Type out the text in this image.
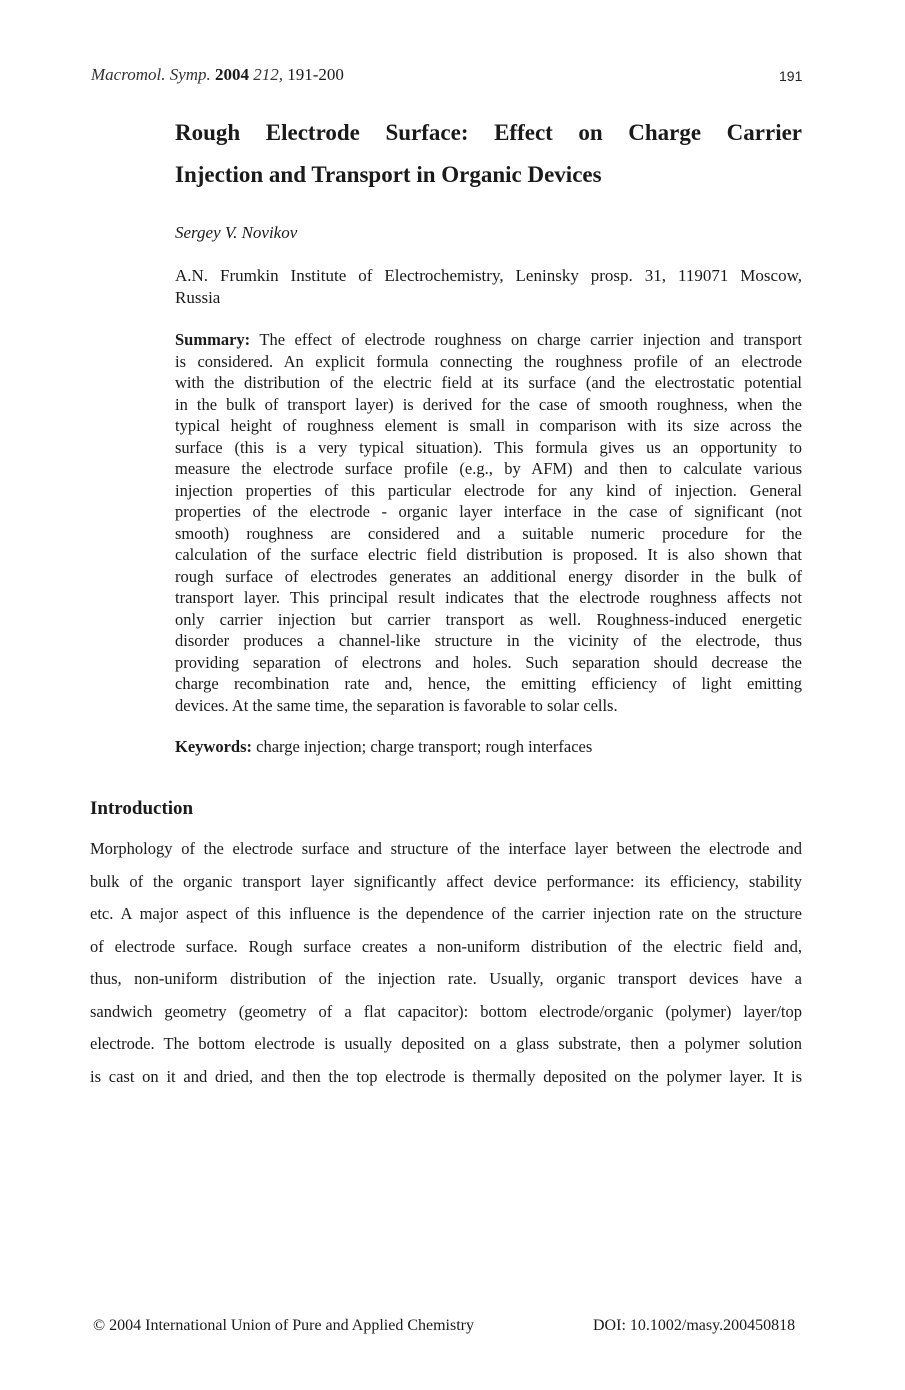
Macromol. Symp. 2004 212, 191-200	191
Rough Electrode Surface: Effect on Charge Carrier
Injection and Transport in Organic Devices
Sergey V. Novikov
A.N. Frumkin Institute of Electrochemistry, Leninsky prosp. 31, 119071 Moscow,
Russia
Summary: The effect of electrode roughness on charge carrier injection and transport
is considered. An explicit formula connecting the roughness profile of an electrode
with the distribution of the electric field at its surface (and the electrostatic potential
in the bulk of transport layer) is derived for the case of smooth roughness, when the
typical height of roughness element is small in comparison with its size across the
surface (this is a very typical situation). This formula gives us an opportunity to
measure the electrode surface profile (e.g., by AFM) and then to calculate various
injection properties of this particular electrode for any kind of injection. General
properties of the electrode - organic layer interface in the case of significant (not
smooth) roughness are considered and a suitable numeric procedure for the
calculation of the surface electric field distribution is proposed. It is also shown that
rough surface of electrodes generates an additional energy disorder in the bulk of
transport layer. This principal result indicates that the electrode roughness affects not
only carrier injection but carrier transport as well. Roughness-induced energetic
disorder produces a channel-like structure in the vicinity of the electrode, thus
providing separation of electrons and holes. Such separation should decrease the
charge recombination rate and, hence, the emitting efficiency of light emitting
devices. At the same time, the separation is favorable to solar cells.
Keywords: charge injection; charge transport; rough interfaces
Introduction
Morphology of the electrode surface and structure of the interface layer between the electrode and
bulk of the organic transport layer significantly affect device performance: its efficiency, stability
etc. A major aspect of this influence is the dependence of the carrier injection rate on the structure
of electrode surface. Rough surface creates a non-uniform distribution of the electric field and,
thus, non-uniform distribution of the injection rate. Usually, organic transport devices have a
sandwich geometry (geometry of a flat capacitor): bottom electrode/organic (polymer) layer/top
electrode. The bottom electrode is usually deposited on a glass substrate, then a polymer solution
is cast on it and dried, and then the top electrode is thermally deposited on the polymer layer. It is
© 2004 International Union of Pure and Applied Chemistry	DOI: 10.1002/masy.200450818
